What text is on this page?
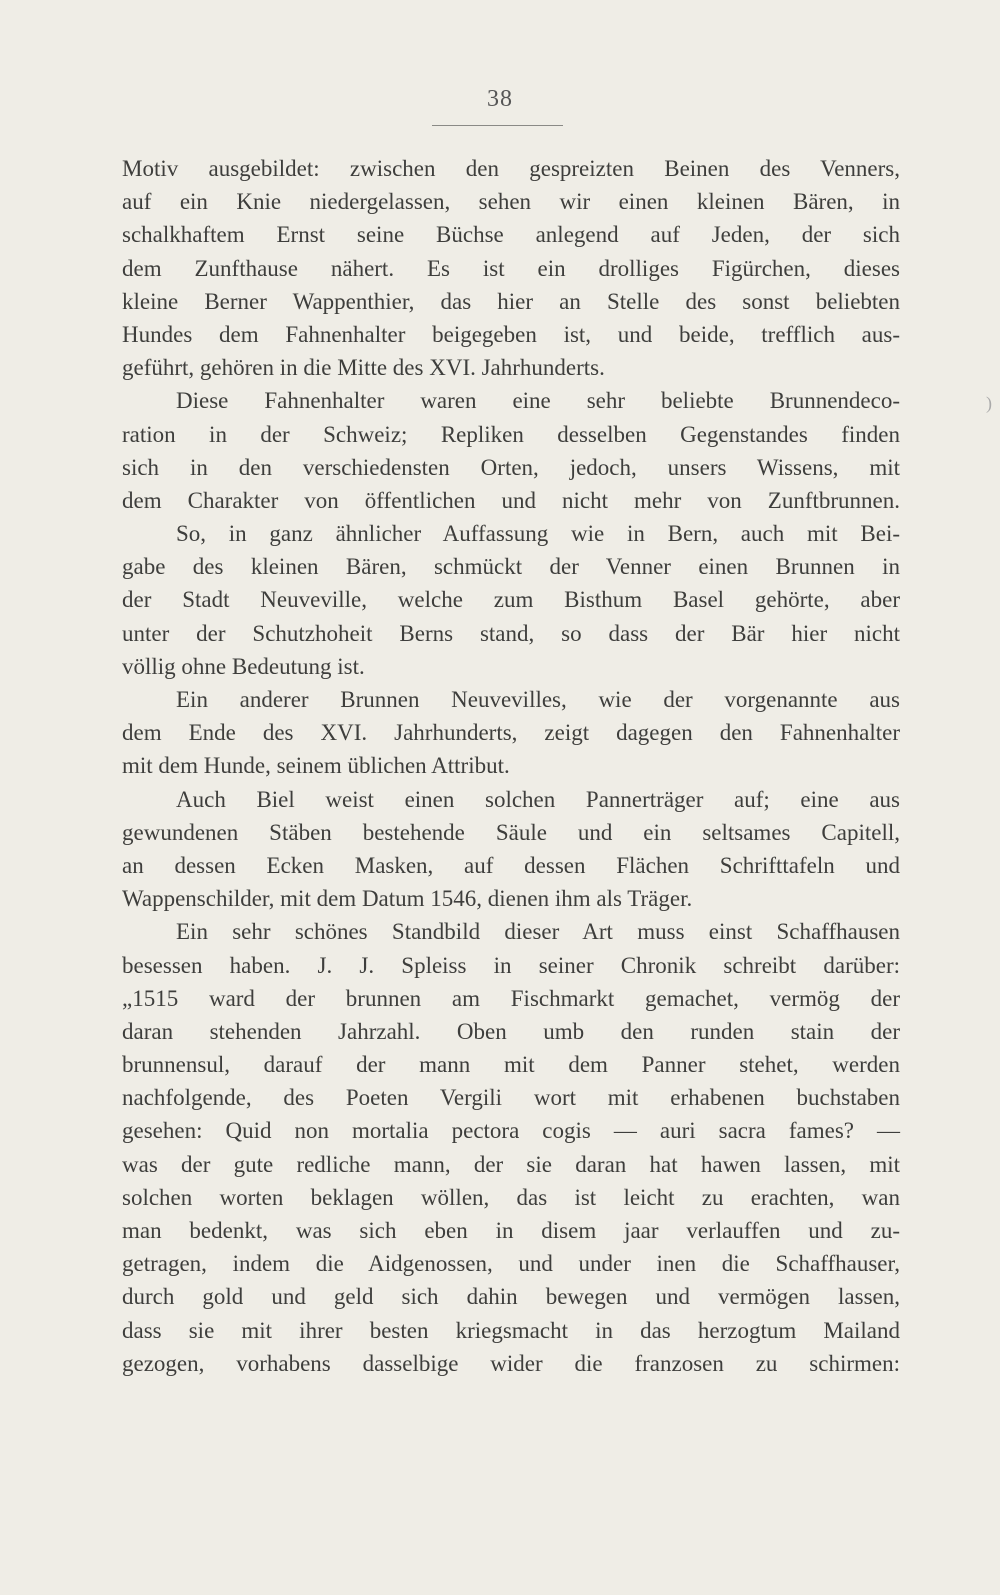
38
)
Motiv ausgebildet: zwischen den gespreizten Beinen des Venners,
auf ein Knie niedergelassen, sehen wir einen kleinen Bären, in
schalkhaftem Ernst seine Büchse anlegend auf Jeden, der sich
dem Zunfthause nähert. Es ist ein drolliges Figürchen, dieses
kleine Berner Wappenthier, das hier an Stelle des sonst beliebten
Hundes dem Fahnenhalter beigegeben ist, und beide, trefflich aus-
geführt, gehören in die Mitte des XVI. Jahrhunderts.
Diese Fahnenhalter waren eine sehr beliebte Brunnendeco-
ration in der Schweiz; Repliken desselben Gegenstandes finden
sich in den verschiedensten Orten, jedoch, unsers Wissens, mit
dem Charakter von öffentlichen und nicht mehr von Zunftbrunnen.
So, in ganz ähnlicher Auffassung wie in Bern, auch mit Bei-
gabe des kleinen Bären, schmückt der Venner einen Brunnen in
der Stadt Neuveville, welche zum Bisthum Basel gehörte, aber
unter der Schutzhoheit Berns stand, so dass der Bär hier nicht
völlig ohne Bedeutung ist.
Ein anderer Brunnen Neuvevilles, wie der vorgenannte aus
dem Ende des XVI. Jahrhunderts, zeigt dagegen den Fahnenhalter
mit dem Hunde, seinem üblichen Attribut.
Auch Biel weist einen solchen Pannerträger auf; eine aus
gewundenen Stäben bestehende Säule und ein seltsames Capitell,
an dessen Ecken Masken, auf dessen Flächen Schrifttafeln und
Wappenschilder, mit dem Datum 1546, dienen ihm als Träger.
Ein sehr schönes Standbild dieser Art muss einst Schaffhausen
besessen haben. J. J. Spleiss in seiner Chronik schreibt darüber:
„1515 ward der brunnen am Fischmarkt gemachet, vermög der
daran stehenden Jahrzahl. Oben umb den runden stain der
brunnensul, darauf der mann mit dem Panner stehet, werden
nachfolgende, des Poeten Vergili wort mit erhabenen buchstaben
gesehen: Quid non mortalia pectora cogis — auri sacra fames? —
was der gute redliche mann, der sie daran hat hawen lassen, mit
solchen worten beklagen wöllen, das ist leicht zu erachten, wan
man bedenkt, was sich eben in disem jaar verlauffen und zu-
getragen, indem die Aidgenossen, und under inen die Schaffhauser,
durch gold und geld sich dahin bewegen und vermögen lassen,
dass sie mit ihrer besten kriegsmacht in das herzogtum Mailand
gezogen, vorhabens dasselbige wider die franzosen zu schirmen:
